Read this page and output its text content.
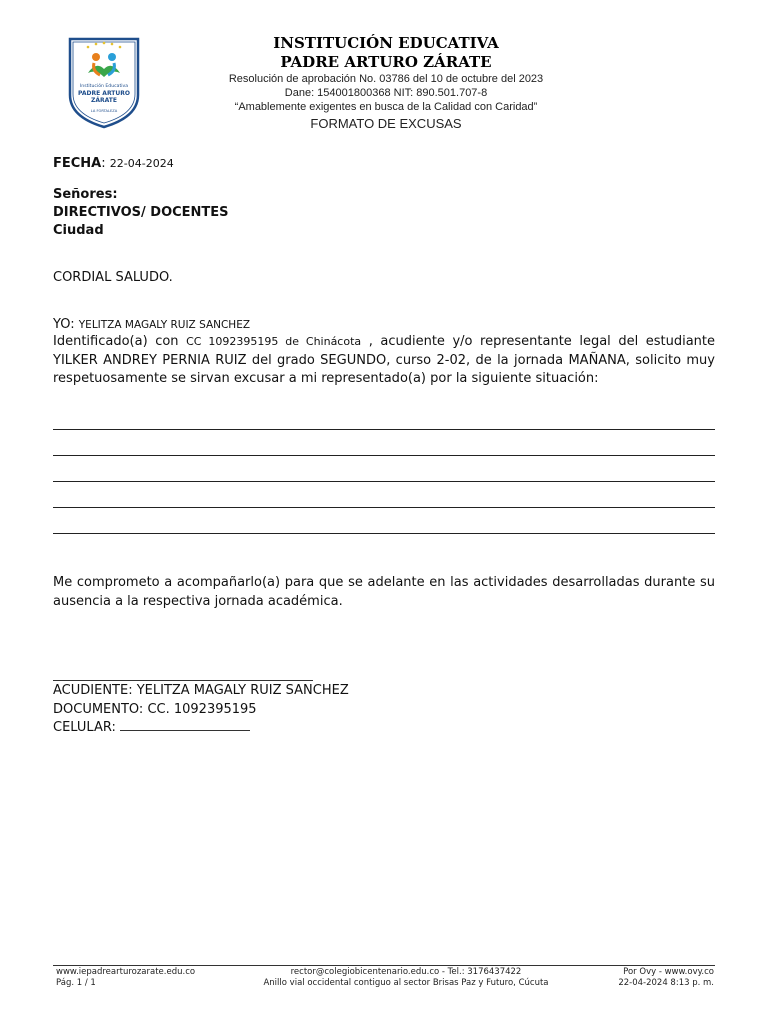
Institución Educativa
PADRE ARTURO
ZÁRATE
LA FORTALEZA
INSTITUCIÓN EDUCATIVA
PADRE ARTURO ZÁRATE
Resolución de aprobación No. 03786 del 10 de octubre del 2023
Dane: 154001800368 NIT: 890.501.707-8
“Amablemente exigentes en busca de la Calidad con Caridad”
FORMATO DE EXCUSAS
FECHA: 22-04-2024
Señores:
DIRECTIVOS/ DOCENTES
Ciudad
CORDIAL SALUDO.
YO: YELITZA MAGALY RUIZ SANCHEZ
Identificado(a) con CC 1092395195 de Chinácota , acudiente y/o representante legal del estudiante YILKER ANDREY PERNIA RUIZ del grado SEGUNDO, curso 2-02, de la jornada MAÑANA, solicito muy respetuosamente se sirvan excusar a mi representado(a) por la siguiente situación:
Me comprometo a acompañarlo(a) para que se adelante en las actividades desarrolladas durante su ausencia a la respectiva jornada académica.
ACUDIENTE: YELITZA MAGALY RUIZ SANCHEZ
DOCUMENTO: CC. 1092395195
CELULAR:
www.iepadrearturozarate.edu.co
Pág. 1 / 1
rector@colegiobicentenario.edu.co - Tel.: 3176437422
Anillo vial occidental contiguo al sector Brisas Paz y Futuro, Cúcuta
Por Ovy - www.ovy.co
22-04-2024 8:13 p. m.
